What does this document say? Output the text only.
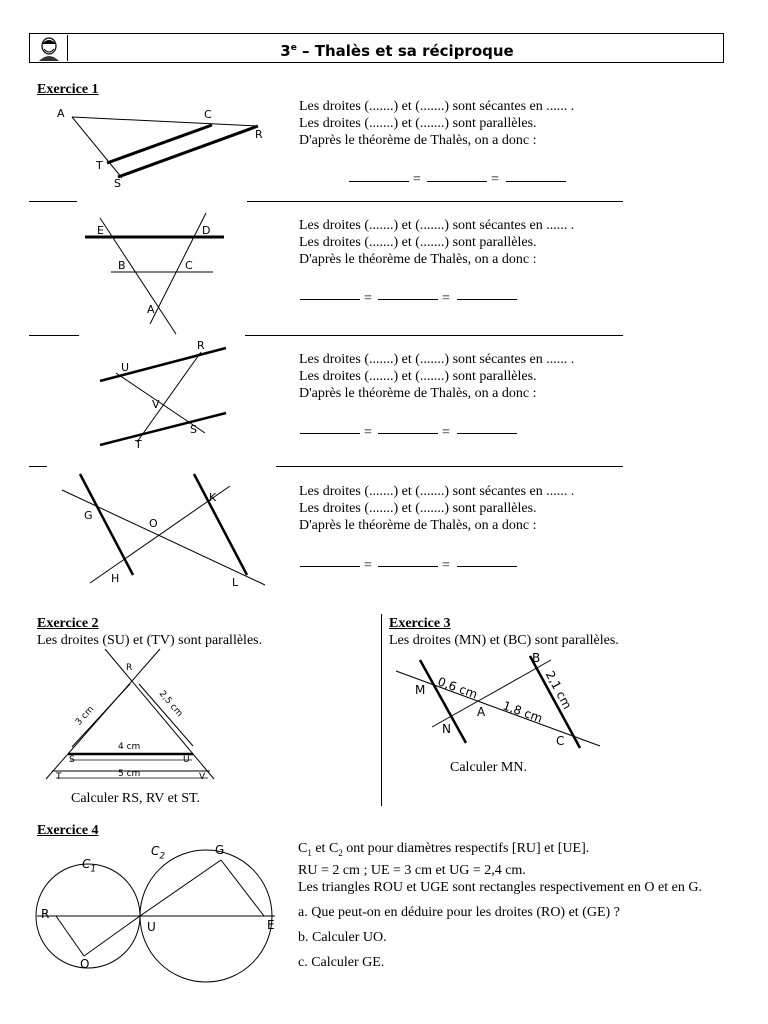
3e – Thalès et sa réciproque
Exercice 1
A	C
R
T
S

Les droites (.......) et (.......) sont sécantes en ...... .

Les droites (.......) et (.......) sont parallèles.

D'après le théorème de Thalès, on a donc :

=	=
E	D
B	C
A

Les droites (.......) et (.......) sont sécantes en ...... .

Les droites (.......) et (.......) sont parallèles.

D'après le théorème de Thalès, on a donc :

=	=
R
U
V
S
T

Les droites (.......) et (.......) sont sécantes en ...... .

Les droites (.......) et (.......) sont parallèles.

D'après le théorème de Thalès, on a donc :

=	=
G
K
O
H	L

Les droites (.......) et (.......) sont sécantes en ...... .

Les droites (.......) et (.......) sont parallèles.

D'après le théorème de Thalès, on a donc :

=	=
Exercice 2
Les droites (SU) et (TV) sont parallèles.
R
S	U
T	V
3 cm	2,5 cm
4 cm
5 cm
Calculer RS, RV et ST.
Exercice 3
Les droites (MN) et (BC) sont parallèles.
B
M
A
N
C
0,6 cm
1,8 cm
2,1 cm
Calculer MN.
Exercice 4
$C_1$
$C_2$	G
R
U	E
O

$C_1$ et $C_2$ ont pour diamètres respectifs [RU] et [UE].

RU = 2 cm ; UE = 3 cm et UG = 2,4 cm.

Les triangles ROU et UGE sont rectangles respectivement en O et en G.

a. Que peut-on en déduire pour les droites (RO) et (GE) ?

b. Calculer UO.

c. Calculer GE.
